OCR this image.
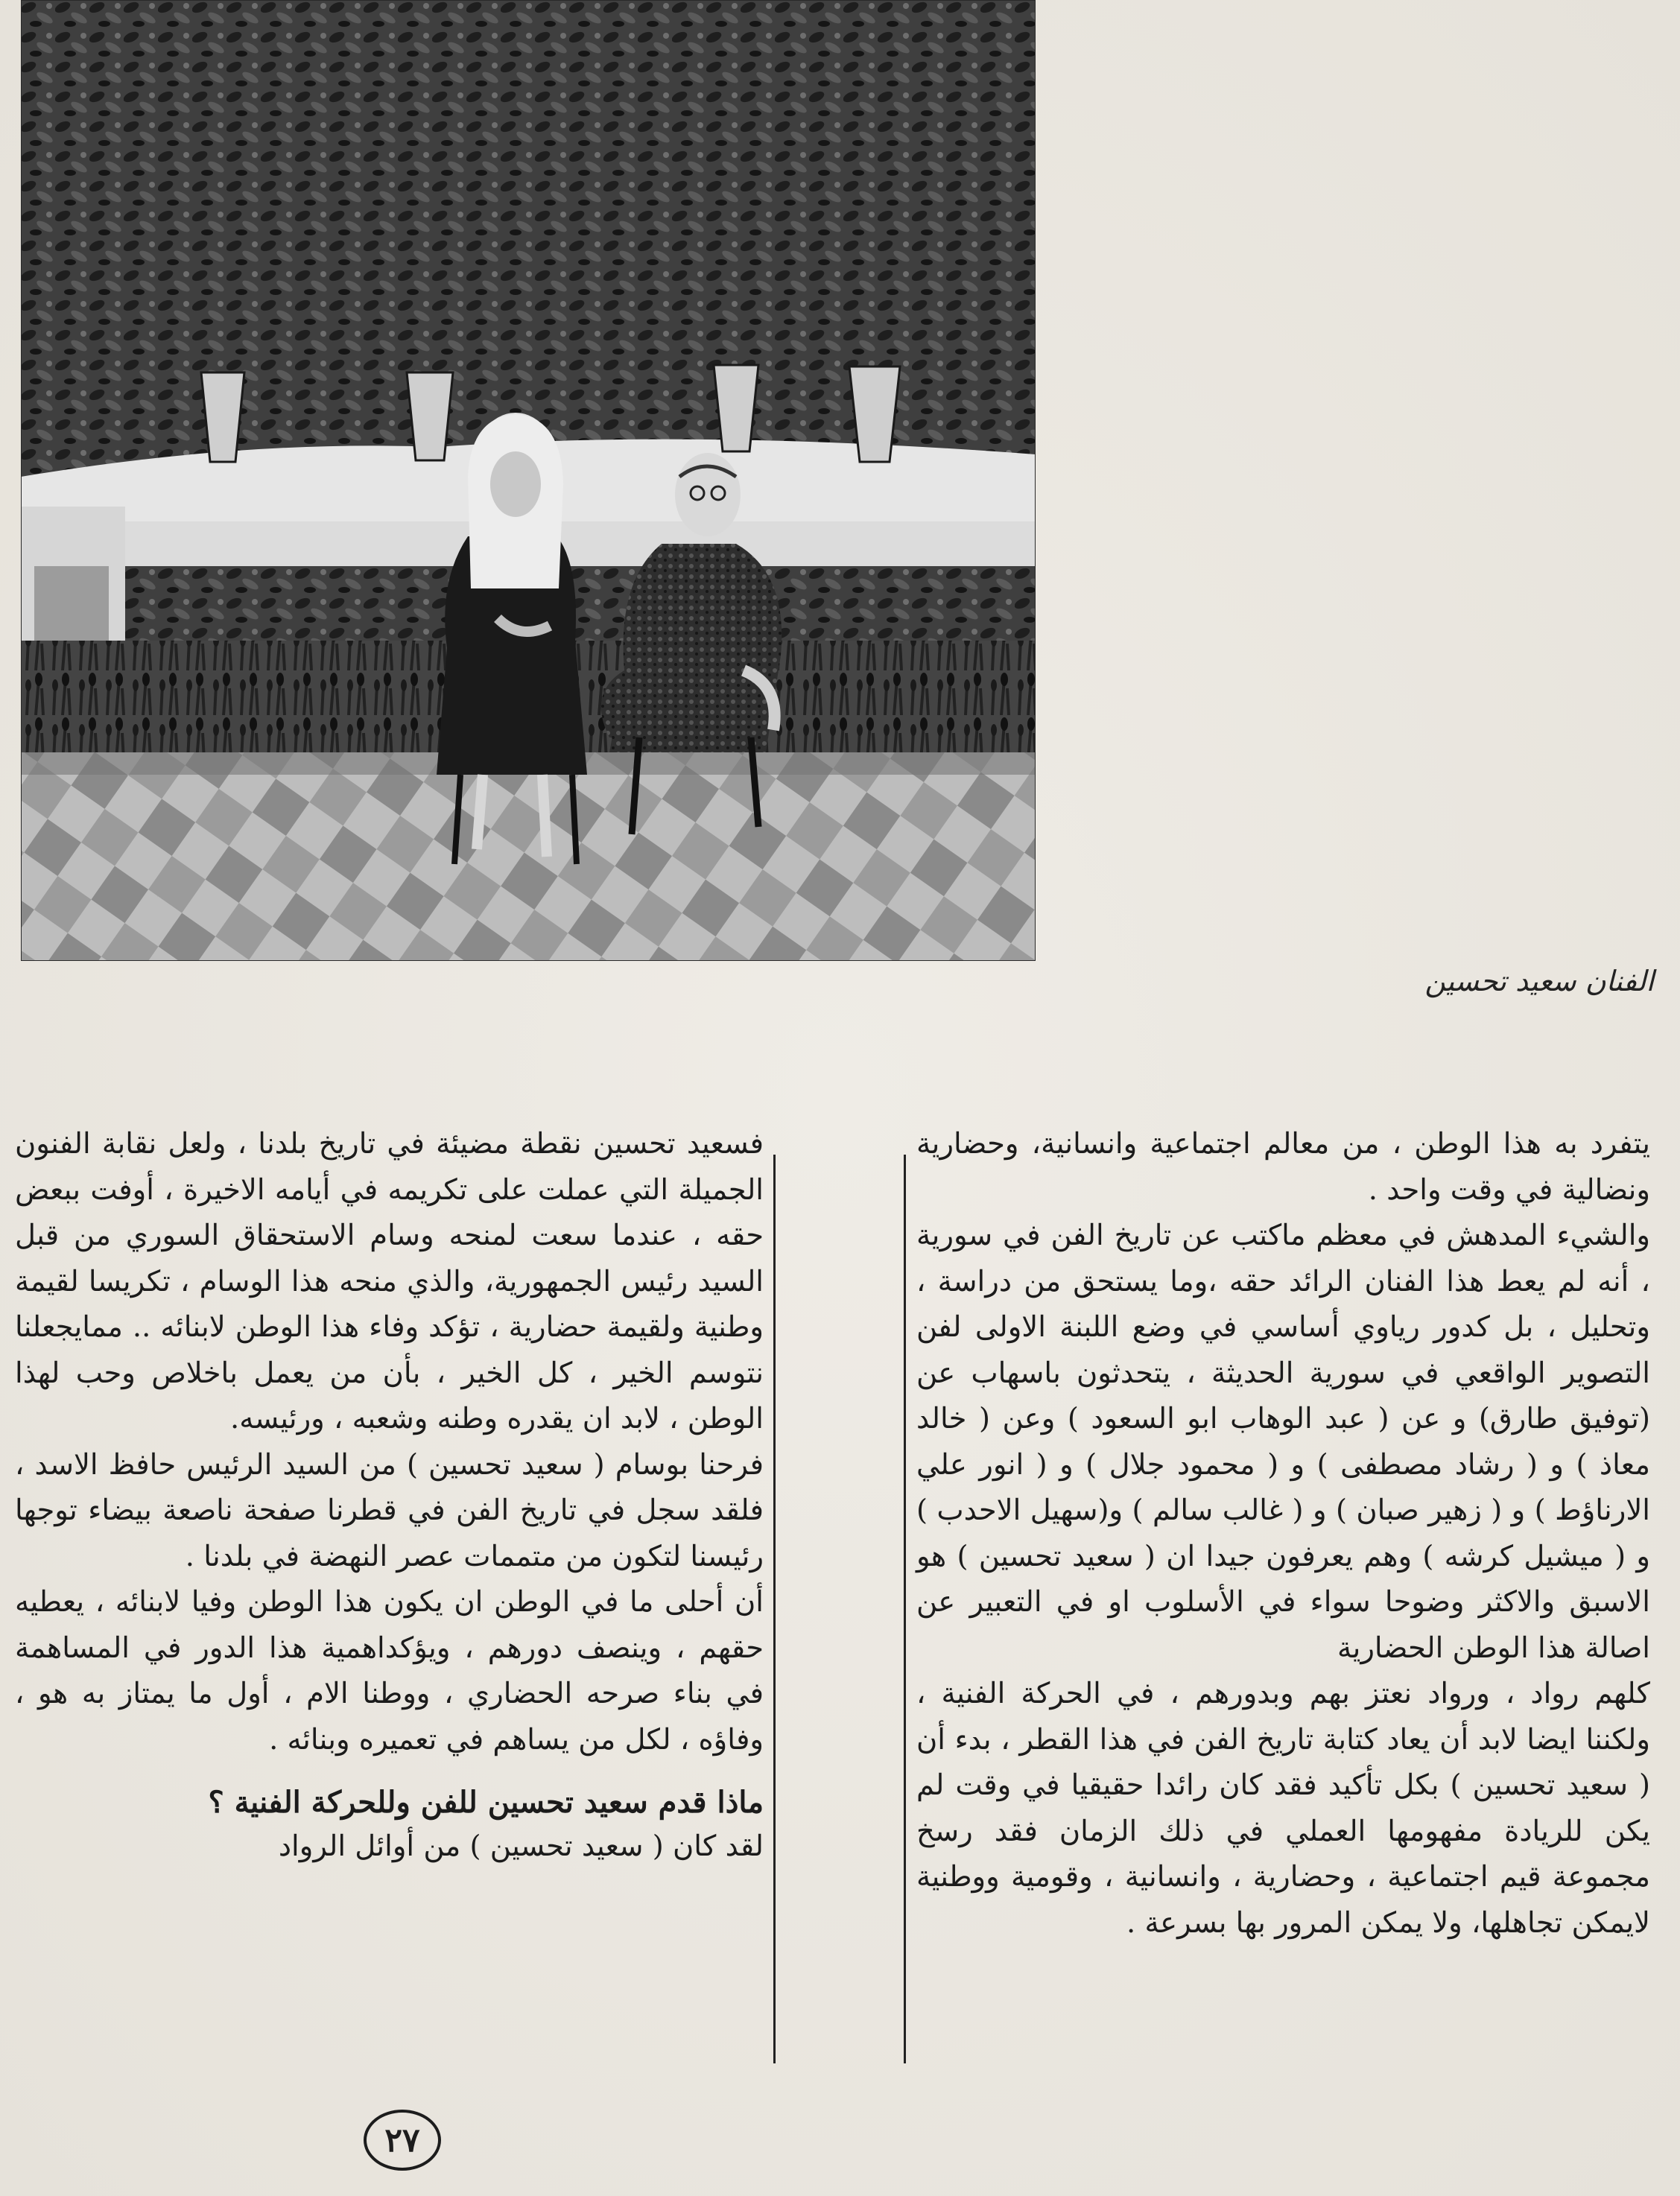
الفنان سعيد تحسين

يتفرد به هذا الوطن ، من معالم اجتماعية وانسانية، وحضارية ونضالية في وقت واحد .

والشيء المدهش في معظم ماكتب عن تاريخ الفن في سورية ، أنه لم يعط هذا الفنان الرائد حقه ،وما يستحق من دراسة ، وتحليل ، بل كدور رياوي أساسي في وضع اللبنة الاولى لفن التصوير الواقعي في سورية الحديثة ، يتحدثون باسهاب عن (توفيق طارق) و عن ( عبد الوهاب ابو السعود ) وعن ( خالد معاذ ) و ( رشاد مصطفى ) و ( محمود جلال ) و ( انور علي الارناؤط ) و ( زهير صبان ) و ( غالب سالم ) و(سهيل الاحدب ) و ( ميشيل كرشه ) وهم يعرفون جيدا ان ( سعيد تحسين ) هو الاسبق والاكثر وضوحا سواء في الأسلوب او في التعبير عن اصالة هذا الوطن الحضارية

كلهم رواد ، ورواد نعتز بهم وبدورهم ، في الحركة الفنية ، ولكننا ايضا لابد أن يعاد كتابة تاريخ الفن في هذا القطر ، بدء أن ( سعيد تحسين ) بكل تأكيد فقد كان رائدا حقيقيا في وقت لم يكن للريادة مفهومها العملي في ذلك الزمان فقد رسخ مجموعة قيم اجتماعية ، وحضارية ، وانسانية ، وقومية ووطنية لايمكن تجاهلها، ولا يمكن المرور بها بسرعة .

فسعيد تحسين نقطة مضيئة في تاريخ بلدنا ، ولعل نقابة الفنون الجميلة التي عملت على تكريمه في أيامه الاخيرة ، أوفت ببعض حقه ، عندما سعت لمنحه وسام الاستحقاق السوري من قبل السيد رئيس الجمهورية، والذي منحه هذا الوسام ، تكريسا لقيمة وطنية ولقيمة حضارية ، تؤكد وفاء هذا الوطن لابنائه .. ممايجعلنا نتوسم الخير ، كل الخير ، بأن من يعمل باخلاص وحب لهذا الوطن ، لابد ان يقدره وطنه وشعبه ، ورئيسه.

فرحنا بوسام ( سعيد تحسين ) من السيد الرئيس حافظ الاسد ، فلقد سجل في تاريخ الفن في قطرنا صفحة ناصعة بيضاء توجها رئيسنا لتكون من متممات عصر النهضة في بلدنا .

أن أحلى ما في الوطن ان يكون هذا الوطن وفيا لابنائه ، يعطيه حقهم ، وينصف دورهم ، ويؤكداهمية هذا الدور في المساهمة في بناء صرحه الحضاري ، ووطنا الام ، أول ما يمتاز به هو ، وفاؤه ، لكل من يساهم في تعميره وبنائه .

ماذا قدم سعيد تحسين للفن وللحركة الفنية ؟

لقد كان ( سعيد تحسين ) من أوائل الرواد

٢٧
